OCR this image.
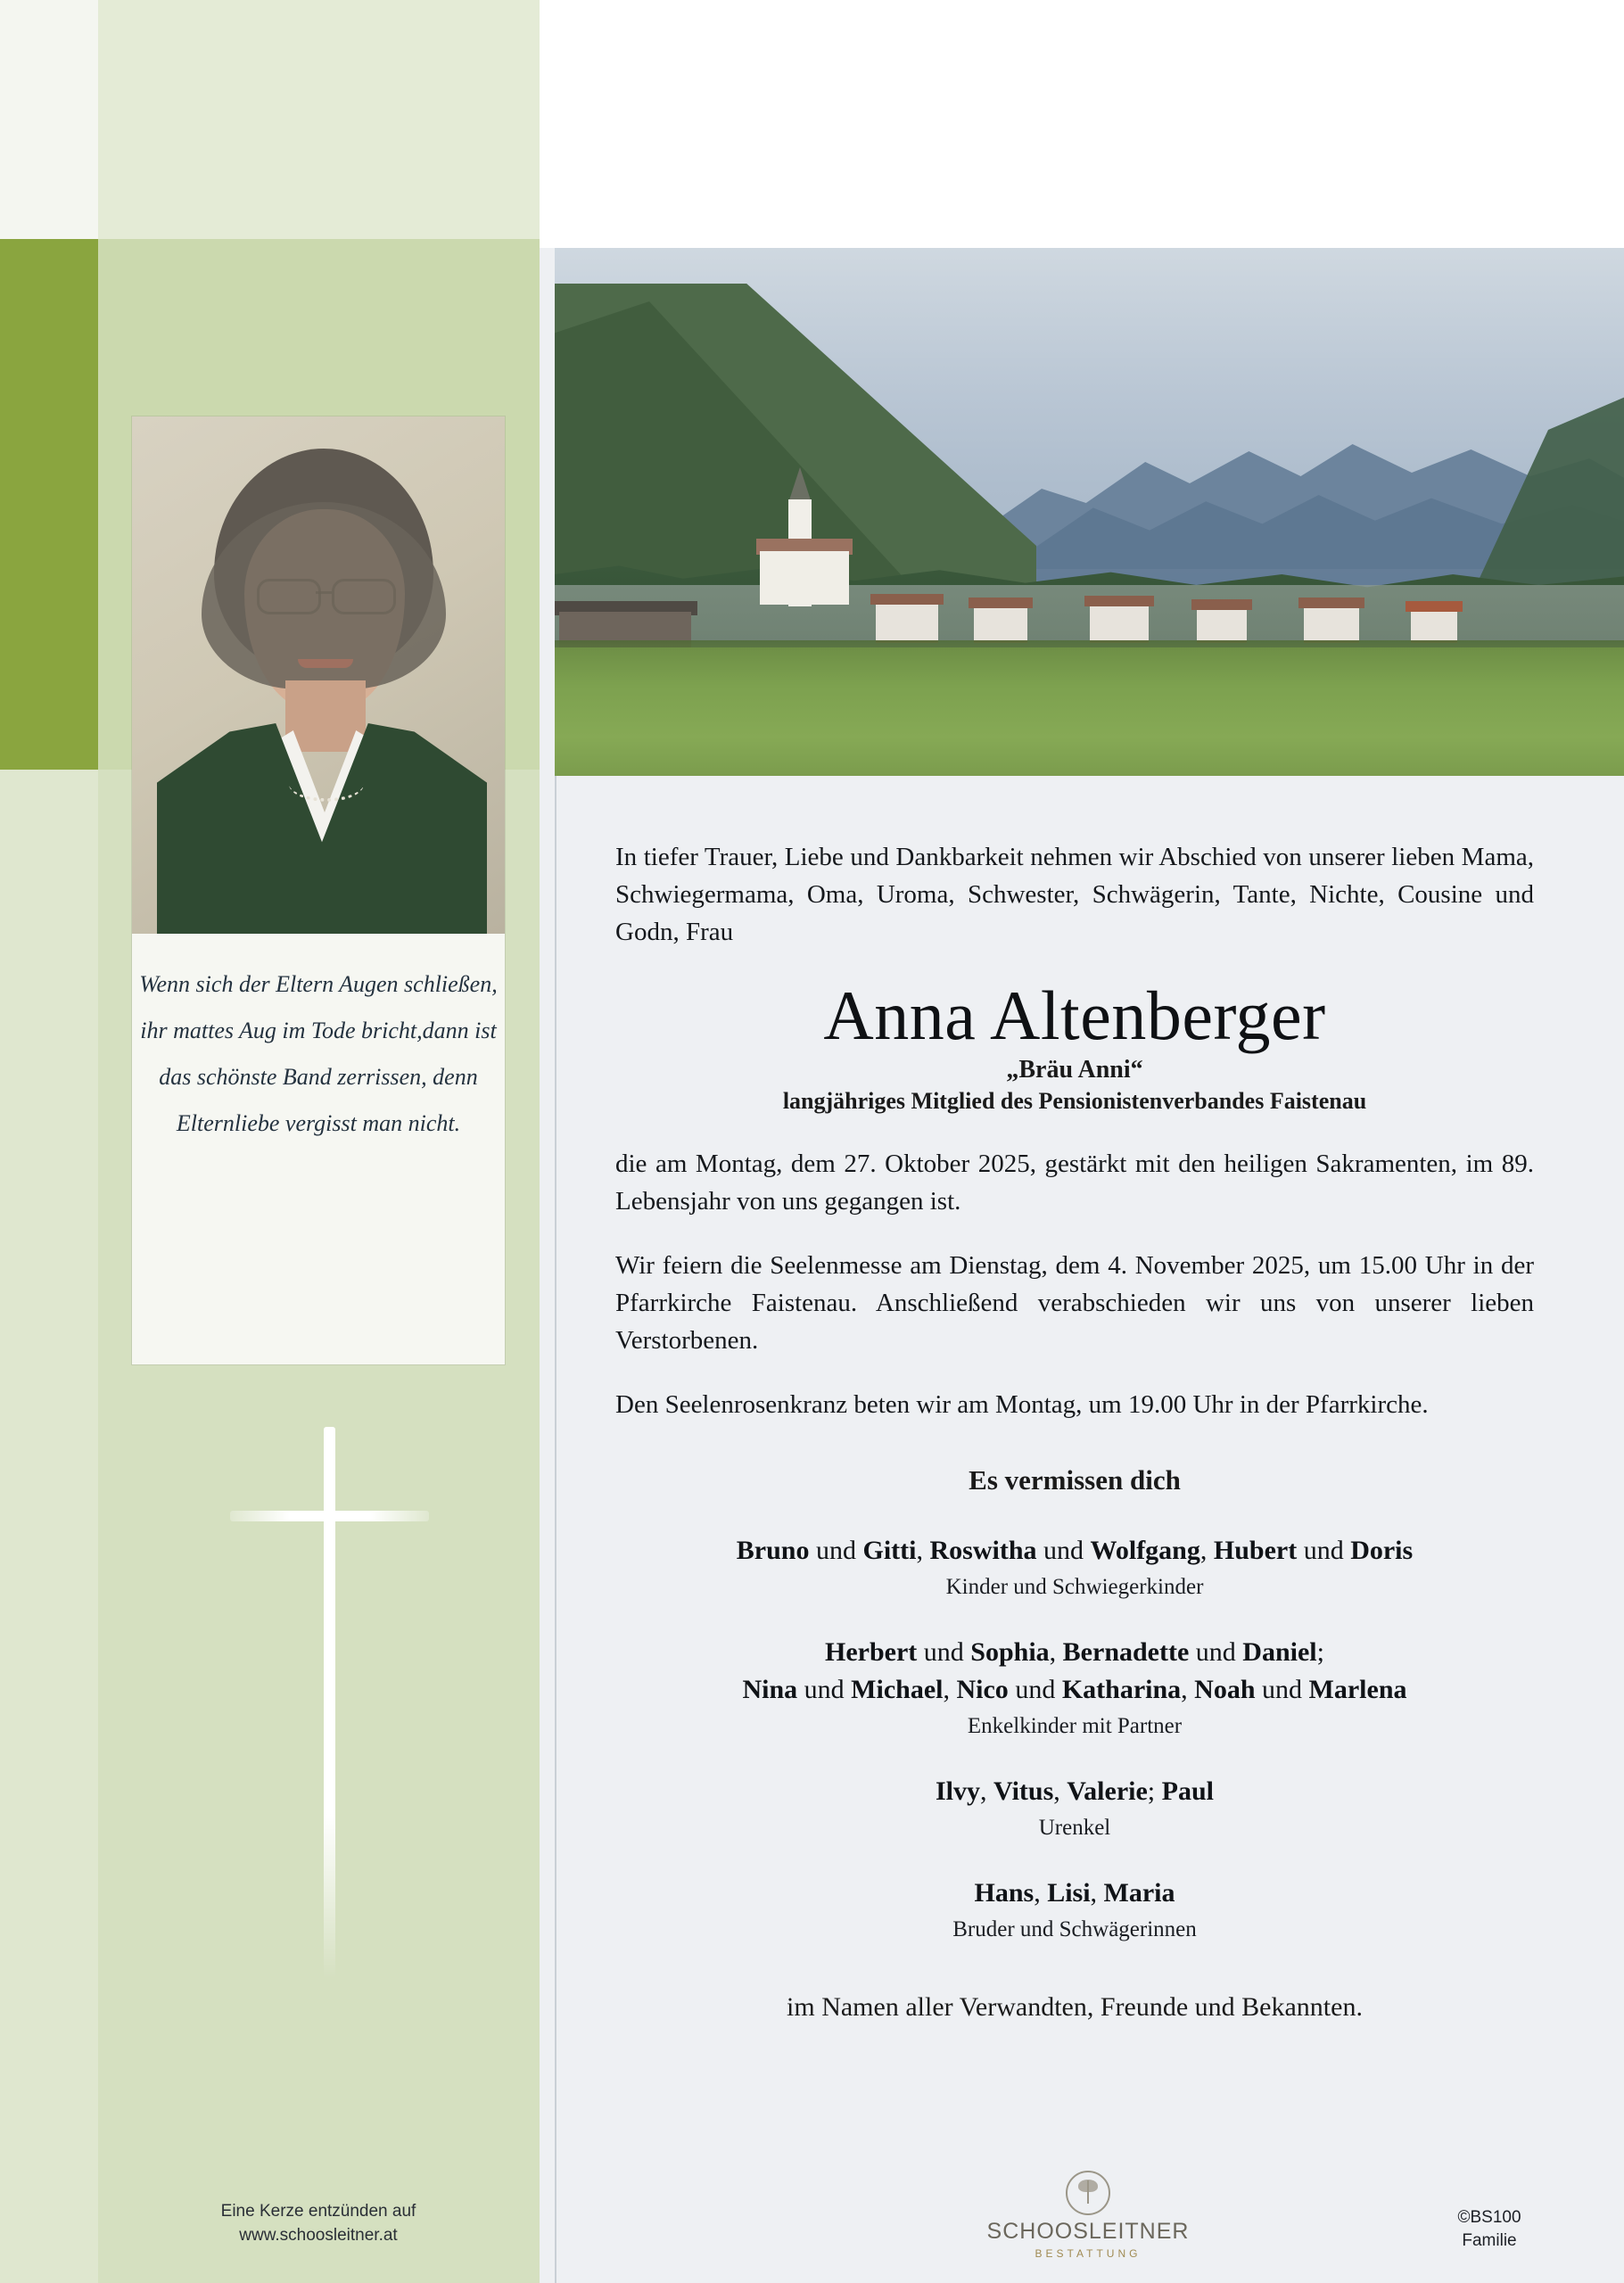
Wenn sich der Eltern Augen schließen, ihr mattes Aug im Tode bricht,dann ist das schönste Band zerrissen, denn Elternliebe vergisst man nicht.

In tiefer Trauer, Liebe und Dankbarkeit nehmen wir Abschied von unserer lieben Mama, Schwiegermama, Oma, Uroma, Schwester, Schwägerin, Tante, Nichte, Cousine und Godn, Frau

Anna Altenberger
„Bräu Anni“
langjähriges Mitglied des Pensionistenverbandes Faistenau

die am Montag, dem 27. Oktober 2025, gestärkt mit den heiligen Sakramenten, im 89. Lebensjahr von uns gegangen ist.

Wir feiern die Seelenmesse am Dienstag, dem 4. November 2025, um 15.00 Uhr in der Pfarrkirche Faistenau. Anschließend verabschieden wir uns von unserer lieben Verstorbenen.

Den Seelenrosenkranz beten wir am Montag, um 19.00 Uhr in der Pfarrkirche.

Es vermissen dich
Bruno und Gitti, Roswitha und Wolfgang, Hubert und Doris
Kinder und Schwiegerkinder
Herbert und Sophia, Bernadette und Daniel;
Nina und Michael, Nico und Katharina, Noah und Marlena
Enkelkinder mit Partner
Ilvy, Vitus, Valerie; Paul
Urenkel
Hans, Lisi, Maria
Bruder und Schwägerinnen
im Namen aller Verwandten, Freunde und Bekannten.
Eine Kerze entzünden auf
www.schoosleitner.at	SCHOOSLEITNER
BESTATTUNG
©BS100
Familie
